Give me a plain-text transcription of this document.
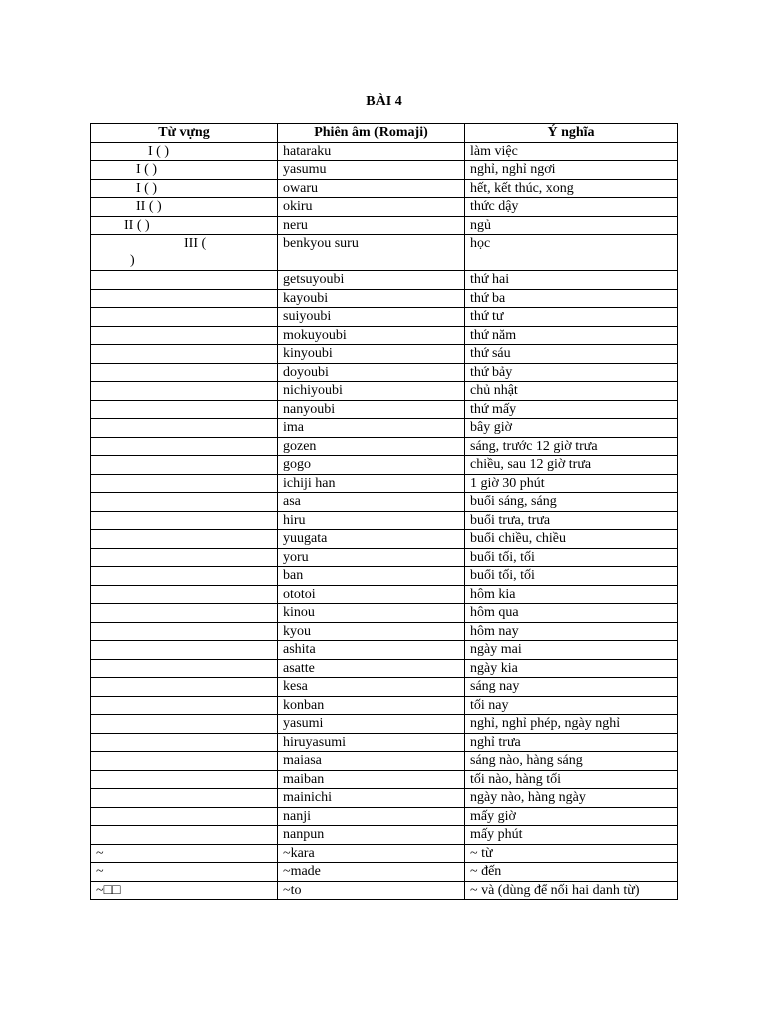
BÀI 4
Từ vựng	Phiên âm (Romaji)	Ý nghĩa
I ( )	hataraku	làm việc
I ( )	yasumu	nghỉ, nghỉ ngơi
I ( )	owaru	hết, kết thúc, xong
II ( )	okiru	thức dậy
II ( )	neru	ngủ

III (
)	benkyou suru	học
	getsuyoubi	thứ hai
	kayoubi	thứ ba
	suiyoubi	thứ tư
	mokuyoubi	thứ năm
	kinyoubi	thứ sáu
	doyoubi	thứ bảy
	nichiyoubi	chủ nhật
	nanyoubi	thứ mấy
	ima	bây giờ
	gozen	sáng, trước 12 giờ trưa
	gogo	chiều, sau 12 giờ trưa
	ichiji han	1 giờ 30 phút
	asa	buổi sáng, sáng
	hiru	buổi trưa, trưa
	yuugata	buổi chiều, chiều
	yoru	buổi tối, tối
	ban	buổi tối, tối
	ototoi	hôm kia
	kinou	hôm qua
	kyou	hôm nay
	ashita	ngày mai
	asatte	ngày kia
	kesa	sáng nay
	konban	tối nay
	yasumi	nghỉ, nghỉ phép, ngày nghỉ
	hiruyasumi	nghỉ trưa
	maiasa	sáng nào, hàng sáng
	maiban	tối nào, hàng tối
	mainichi	ngày nào, hàng ngày
	nanji	mấy giờ
	nanpun	mấy phút
~	~kara	~ từ
~	~made	~ đến
~□□	~to	~ và (dùng để nối hai danh từ)
